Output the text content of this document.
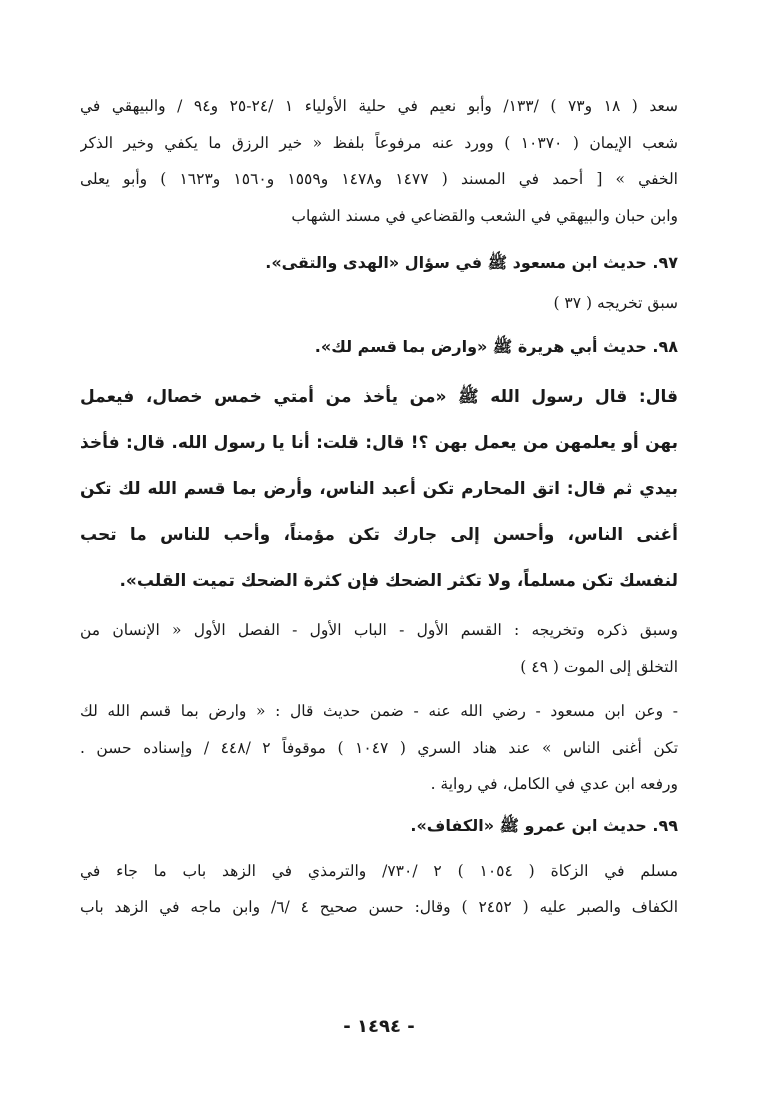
سعد ( ١٨ و٧٣ ) /١٣٣/ وأبو نعيم في حلية الأولياء ١ /٢٤-٢٥ و٩٤ / والبيهقي في
شعب الإيمان ( ١٠٣٧٠ ) وورد عنه مرفوعاً بلفظ « خير الرزق ما يكفي وخير الذكر
الخفي » [ أحمد في المسند ( ١٤٧٧ و١٤٧٨ و١٥٥٩ و١٥٦٠ و١٦٢٣ ) وأبو يعلى
وابن حبان والبيهقي في الشعب والقضاعي في مسند الشهاب
٩٧. حديث ابن مسعود ﷺ في سؤال «الهدى والتقى».
سبق تخريجه ( ٣٧ )
٩٨. حديث أبي هريرة ﷺ «وارض بما قسم لك».
قال: قال رسول الله ﷺ «من يأخذ من أمتي خمس خصال، فيعمل
بهن أو يعلمهن من يعمل بهن ؟! قال: قلت: أنا يا رسول الله. قال: فأخذ
بيدي ثم قال: اتق المحارم تكن أعبد الناس، وأرض بما قسم الله لك تكن
أغنى الناس، وأحسن إلى جارك تكن مؤمناً، وأحب للناس ما تحب
لنفسك تكن مسلماً، ولا تكثر الضحك فإن كثرة الضحك تميت القلب».
وسبق ذكره وتخريجه : القسم الأول - الباب الأول - الفصل الأول « الإنسان من
التخلق إلى الموت ( ٤٩ )
- وعن ابن مسعود - رضي الله عنه - ضمن حديث قال : « وارض بما قسم الله لك
تكن أغنى الناس » عند هناد السري ( ١٠٤٧ ) موقوفاً ٢ /٤٤٨ / وإسناده حسن .
ورفعه ابن عدي في الكامل، في رواية .
٩٩. حديث ابن عمرو ﷺ «الكفاف».
مسلم في الزكاة ( ١٠٥٤ ) ٢ /٧٣٠/ والترمذي في الزهد باب ما جاء في
الكفاف والصبر عليه ( ٢٤٥٢ ) وقال: حسن صحيح ٤ /٦/ وابن ماجه في الزهد باب
- ١٤٩٤ -
